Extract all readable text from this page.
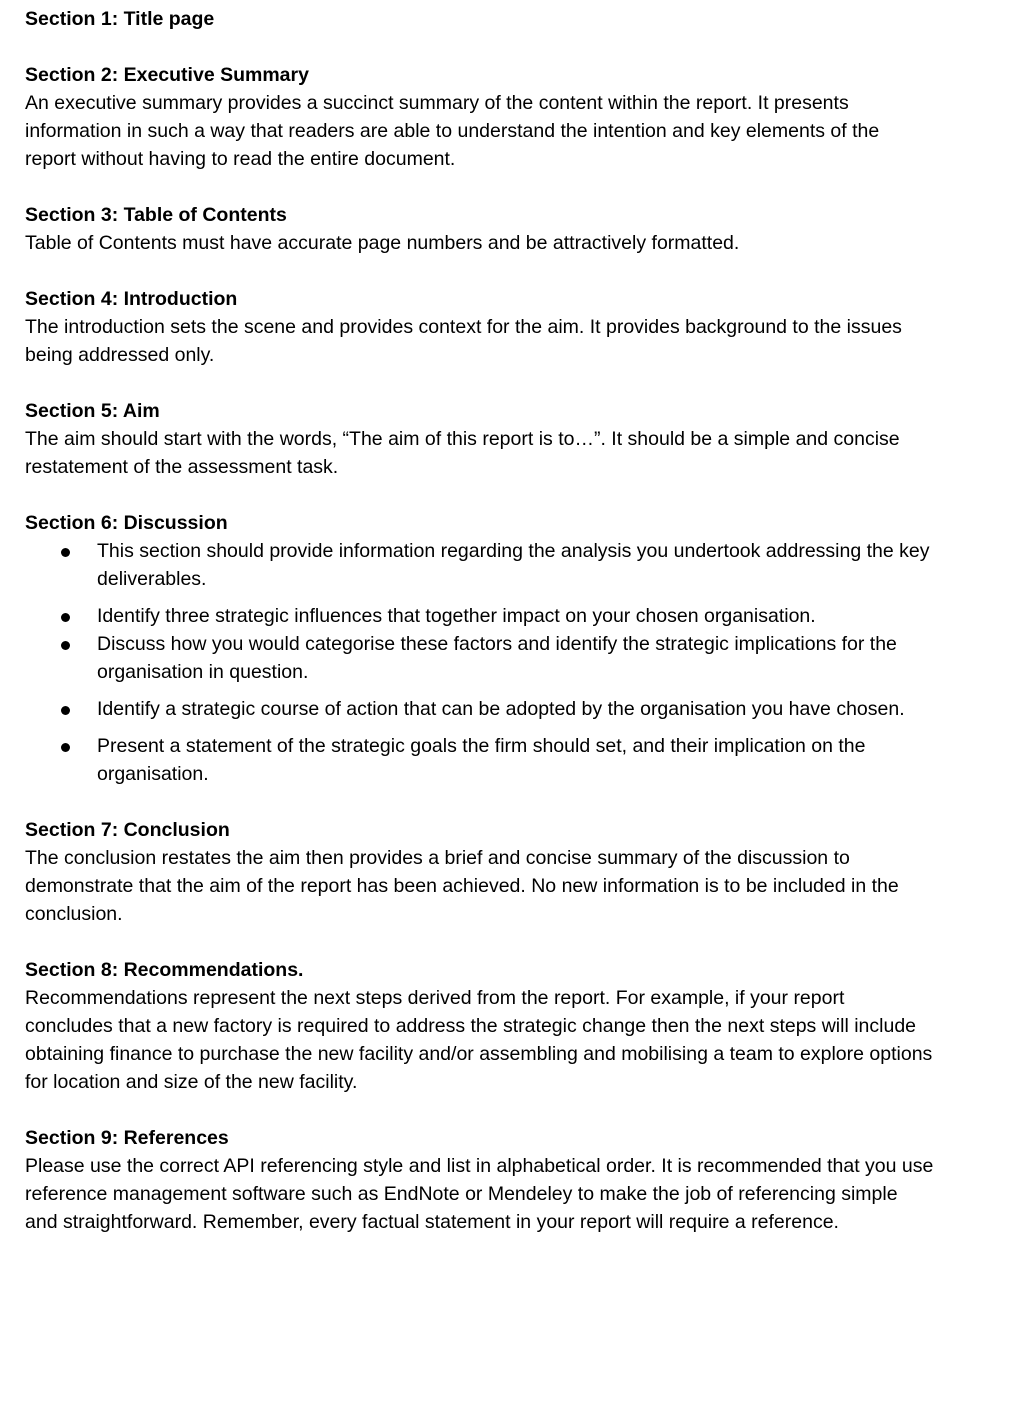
Section 1: Title page

Section 2: Executive Summary

An executive summary provides a succinct summary of the content within the report. It presents information in such a way that readers are able to understand the intention and key elements of the report without having to read the entire document.

Section 3: Table of Contents

Table of Contents must have accurate page numbers and be attractively formatted.

Section 4: Introduction

The introduction sets the scene and provides context for the aim. It provides background to the issues being addressed only.

Section 5: Aim

The aim should start with the words, “The aim of this report is to…”. It should be a simple and concise restatement of the assessment task.

Section 6: Discussion

This section should provide information regarding the analysis you undertook addressing the key deliverables.
Identify three strategic influences that together impact on your chosen organisation.
Discuss how you would categorise these factors and identify the strategic implications for the organisation in question.
Identify a strategic course of action that can be adopted by the organisation you have chosen.
Present a statement of the strategic goals the firm should set, and their implication on the organisation.

Section 7: Conclusion

The conclusion restates the aim then provides a brief and concise summary of the discussion to demonstrate that the aim of the report has been achieved. No new information is to be included in the conclusion.

Section 8: Recommendations.

Recommendations represent the next steps derived from the report. For example, if your report concludes that a new factory is required to address the strategic change then the next steps will include obtaining finance to purchase the new facility and/or assembling and mobilising a team to explore options for location and size of the new facility.

Section 9: References

Please use the correct API referencing style and list in alphabetical order. It is recommended that you use reference management software such as EndNote or Mendeley to make the job of referencing simple and straightforward. Remember, every factual statement in your report will require a reference.
